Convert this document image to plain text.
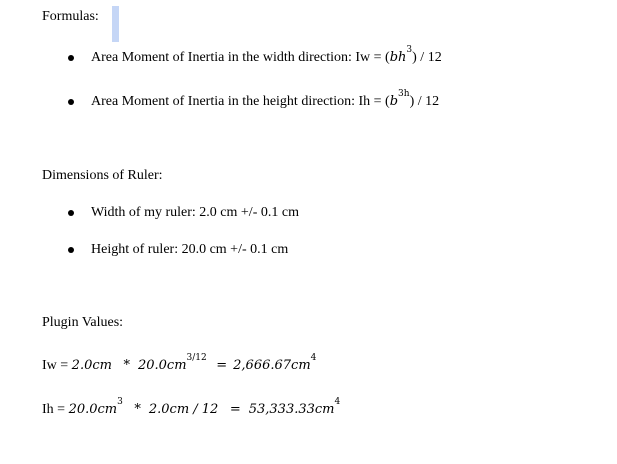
Formulas:
Area Moment of Inertia in the width direction: $Iw = (bh^3) / 12$
Area Moment of Inertia in the height direction: $Ih = (b^{3h}) / 12$
Dimensions of Ruler:
Width of my ruler: 2.0 cm +/- 0.1 cm
Height of ruler: 20.0 cm +/- 0.1 cm
Plugin Values:
$Iw = 2.0cm * 20.0cm^{3/12} = 2,666.67cm^4$
$Ih = 20.0cm^3 * 2.0cm / 12 = 53,333.33cm^4$
